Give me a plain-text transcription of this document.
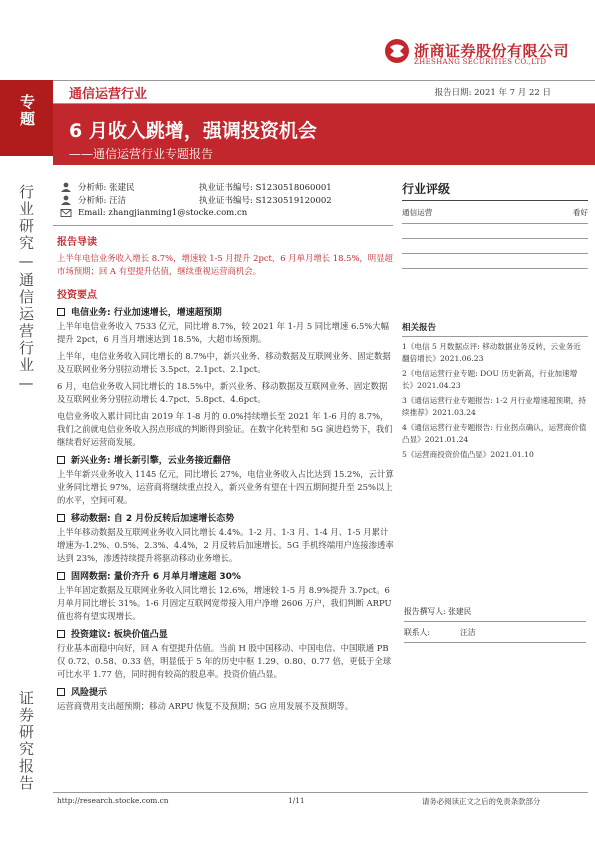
浙商证券股份有限公司
ZHESHANG SECURITIES CO.,LTD
专题
行业研究—通信运营行业—
证券研究报告
通信运营行业	报告日期: 2021 年 7 月 22 日
6 月收入跳增，强调投资机会
——通信运营行业专题报告
分析师: 张建民	执业证书编号: S1230518060001
分析师: 汪洁	执业证书编号: S1230519120002
Email: zhangjianming1@stocke.com.cn
报告导读

上半年电信业务收入增长 8.7%，增速较 1-5 月提升 2pct，6 月单月增长 18.5%，明显超市场预期；回 A 有望提升估值，继续重视运营商机会。

投资要点
电信业务: 行业加速增长，增速超预期

上半年电信业务收入 7533 亿元，同比增 8.7%，较 2021 年 1-月 5 同比增速 6.5%大幅提升 2pct，6 月当月增速达到 18.5%，大超市场预期。

上半年，电信业务收入同比增长的 8.7%中，新兴业务、移动数据及互联网业务、固定数据及互联网业务分别拉动增长 3.5pct、2.1pct、2.1pct。

6 月，电信业务收入同比增长的 18.5%中，新兴业务、移动数据及互联网业务、固定数据及互联网业务分别拉动增长 4.7pct、5.8pct、4.6pct。

电信业务收入累计同比由 2019 年 1-8 月的 0.0%持续增长至 2021 年 1-6 月的 8.7%，我们之前就电信业务收入拐点形成的判断得到验证。在数字化转型和 5G 演进趋势下，我们继续看好运营商发展。

新兴业务: 增长新引擎，云业务接近翻倍

上半年新兴业务收入 1145 亿元，同比增长 27%，电信业务收入占比达到 15.2%，云计算业务同比增长 97%，运营商将继续重点投入，新兴业务有望在十四五期间提升至 25%以上的水平，空间可观。

移动数据: 自 2 月份反转后加速增长态势

上半年移动数据及互联网业务收入同比增长 4.4%。1-2 月、1-3 月、1-4 月、1-5 月累计增速为-1.2%、0.5%、2.3%、4.4%，2 月反转后加速增长。5G 手机终端用户连接渗透率达到 23%，渗透持续提升将驱动移动业务增长。

固网数据: 量价齐升 6 月单月增速超 30%

上半年固定数据及互联网业务收入同比增长 12.6%，增速较 1-5 月 8.9%提升 3.7pct。6 月单月同比增长 31%。1-6 月固定互联网宽带接入用户净增 2606 万户，我们判断 ARPU 值也将有望实现增长。

投资建议: 板块价值凸显

行业基本面稳中向好，回 A 有望提升估值。当前 H 股中国移动、中国电信、中国联通 PB 仅 0.72、0.58、0.33 倍，明显低于 5 年的历史中枢 1.29、0.80、0.77 倍，更低于全球可比水平 1.77 倍，同时拥有较高的股息率。投资价值凸显。

风险提示

运营商费用支出超预期；移动 ARPU 恢复不及预期；5G 应用发展不及预期等。

行业评级
通信运营	看好
相关报告
1《电信 5 月数据点评: 移动数据业务反转，云业务近翻倍增长》2021.06.23
2《电信运营行业专题: DOU 历史新高，行业加速增长》2021.04.23
3《通信运营行业专题报告: 1-2 月行业增速超预期，持续推荐》2021.03.24
4《通信运营行业专题报告: 行业拐点确认，运营商价值凸显》2021.01.24
5《运营商投资价值凸显》2021.01.10
报告撰写人: 张建民
联系人:	汪洁
http://research.stocke.com.cn	1/11	请务必阅读正文之后的免责条款部分
